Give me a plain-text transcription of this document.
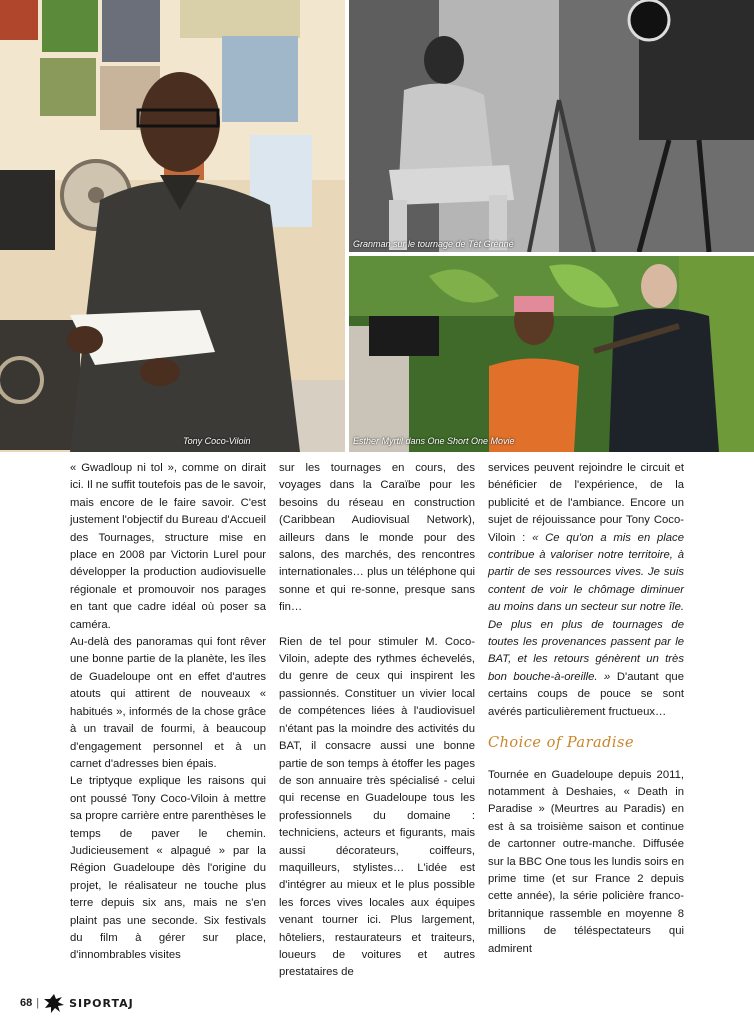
Tony Coco-Viloin
Granman sur le tournage de Tèt Grènné
Esther Myrtil dans One Short One Movie

« Gwadloup ni tol », comme on dirait ici. Il ne suffit toutefois pas de le savoir, mais encore de le faire savoir. C'est justement l'objectif du Bureau d'Accueil des Tournages, structure mise en place en 2008 par Victorin Lurel pour développer la production audiovisuelle régionale et promouvoir nos parages en tant que cadre idéal où poser sa caméra.

Au-delà des panoramas qui font rêver une bonne partie de la planète, les îles de Guadeloupe ont en effet d'autres atouts qui attirent de nouveaux « habitués », informés de la chose grâce à un travail de fourmi, à beaucoup d'engagement personnel et à un carnet d'adresses bien épais.

Le triptyque explique les raisons qui ont poussé Tony Coco-Viloin à mettre sa propre carrière entre parenthèses le temps de paver le chemin. Judicieusement « alpagué » par la Région Guadeloupe dès l'origine du projet, le réalisateur ne touche plus terre depuis six ans, mais ne s'en plaint pas une seconde. Six festivals du film à gérer sur place, d'innombrables visites

sur les tournages en cours, des voyages dans la Caraïbe pour les besoins du réseau en construction (Caribbean Audiovisual Network), ailleurs dans le monde pour des salons, des marchés, des rencontres internationales… plus un téléphone qui sonne et qui re-sonne, presque sans fin…

Rien de tel pour stimuler M. Coco-Viloin, adepte des rythmes échevelés, du genre de ceux qui inspirent les passionnés. Constituer un vivier local de compétences liées à l'audiovisuel n'étant pas la moindre des activités du BAT, il consacre aussi une bonne partie de son temps à étoffer les pages de son annuaire très spécialisé - celui qui recense en Guadeloupe tous les professionnels du domaine : techniciens, acteurs et figurants, mais aussi décorateurs, coiffeurs, maquilleurs, stylistes… L'idée est d'intégrer au mieux et le plus possible les forces vives locales aux équipes venant tourner ici. Plus largement, hôteliers, restaurateurs et traiteurs, loueurs de voitures et autres prestataires de

services peuvent rejoindre le circuit et bénéficier de l'expérience, de la publicité et de l'ambiance. Encore un sujet de réjouissance pour Tony Coco-Viloin : « Ce qu'on a mis en place contribue à valoriser notre territoire, à partir de ses ressources vives. Je suis content de voir le chômage diminuer au moins dans un secteur sur notre île. De plus en plus de tournages de toutes les provenances passent par le BAT, et les retours génèrent un très bon bouche-à-oreille. » D'autant que certains coups de pouce se sont avérés particulièrement fructueux…

Choice of Paradise

Tournée en Guadeloupe depuis 2011, notamment à Deshaies, « Death in Paradise » (Meurtres au Paradis) en est à sa troisième saison et continue de cartonner outre-manche. Diffusée sur la BBC One tous les lundis soirs en prime time (et sur France 2 depuis cette année), la série policière franco-britannique rassemble en moyenne 8 millions de téléspectateurs qui admirent

68 |	SIPORTAJ
